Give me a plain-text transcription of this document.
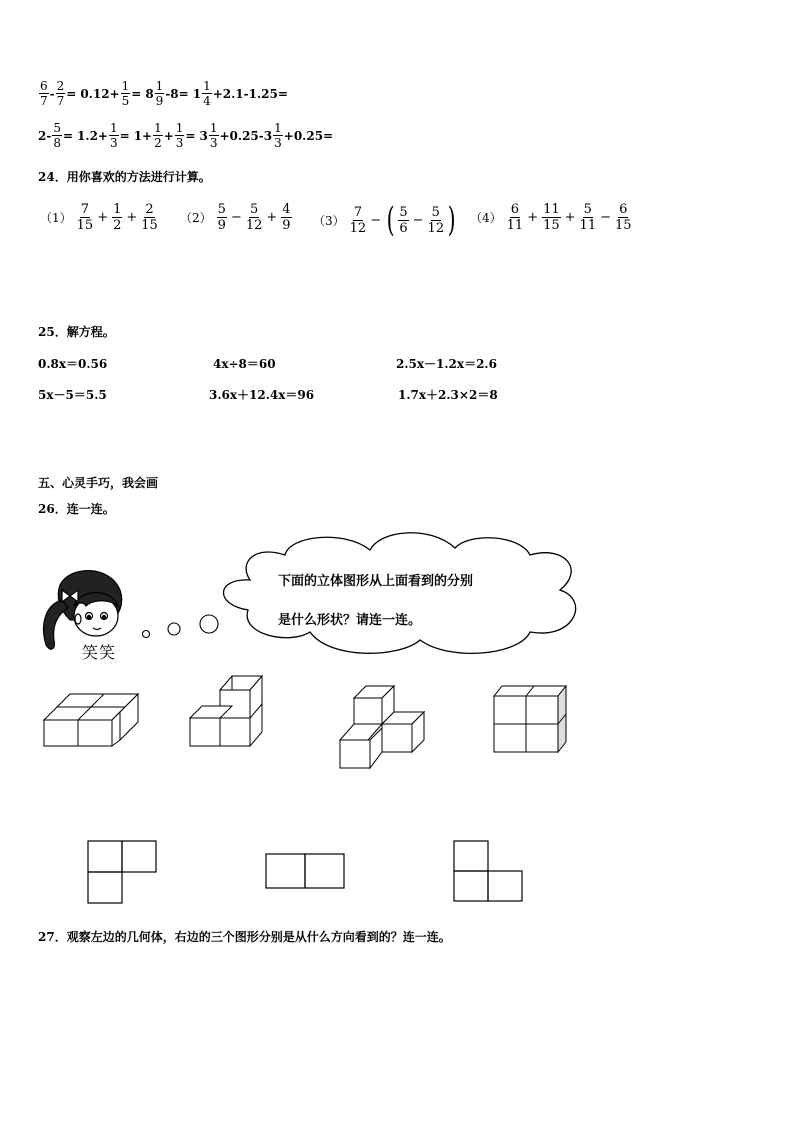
$\frac{6}{7} - \frac{2}{7} = 0.12+ \frac{1}{5} = 8 \frac{1}{9} -8= 1 \frac{1}{4} +2.1-1.25=$
$2- \frac{5}{8} = 1.2+ \frac{1}{3} = 1+ \frac{1}{2} + \frac{1}{3} = 3 \frac{1}{3} +0.25-$ $3 \frac{1}{3} +0.25=$
24．用你喜欢的方法进行计算。
$(1) \frac{7}{15} + \frac{1}{2} + \frac{2}{15} (2) \frac{5}{9} - \frac{5}{12} + \frac{4}{9} (3) \frac{7}{12}$ − ( $\frac{5}{6} - \frac{5}{12}$ ) $(4) \frac{6}{11} + \frac{11}{15} + \frac{5}{11} - \frac{6}{15}$
25．解方程。
0.8x＝0.56	4x÷8＝60	2.5x－1.2x＝2.6
5x－5＝5.5	3.6x＋12.4x＝96	1.7x＋2.3×2＝8
五、心灵手巧，我会画
26．连一连。
下面的立体图形从上面看到的分别
是什么形状？请连一连。
笑笑
27．观察左边的几何体，右边的三个图形分别是从什么方向看到的？连一连。
